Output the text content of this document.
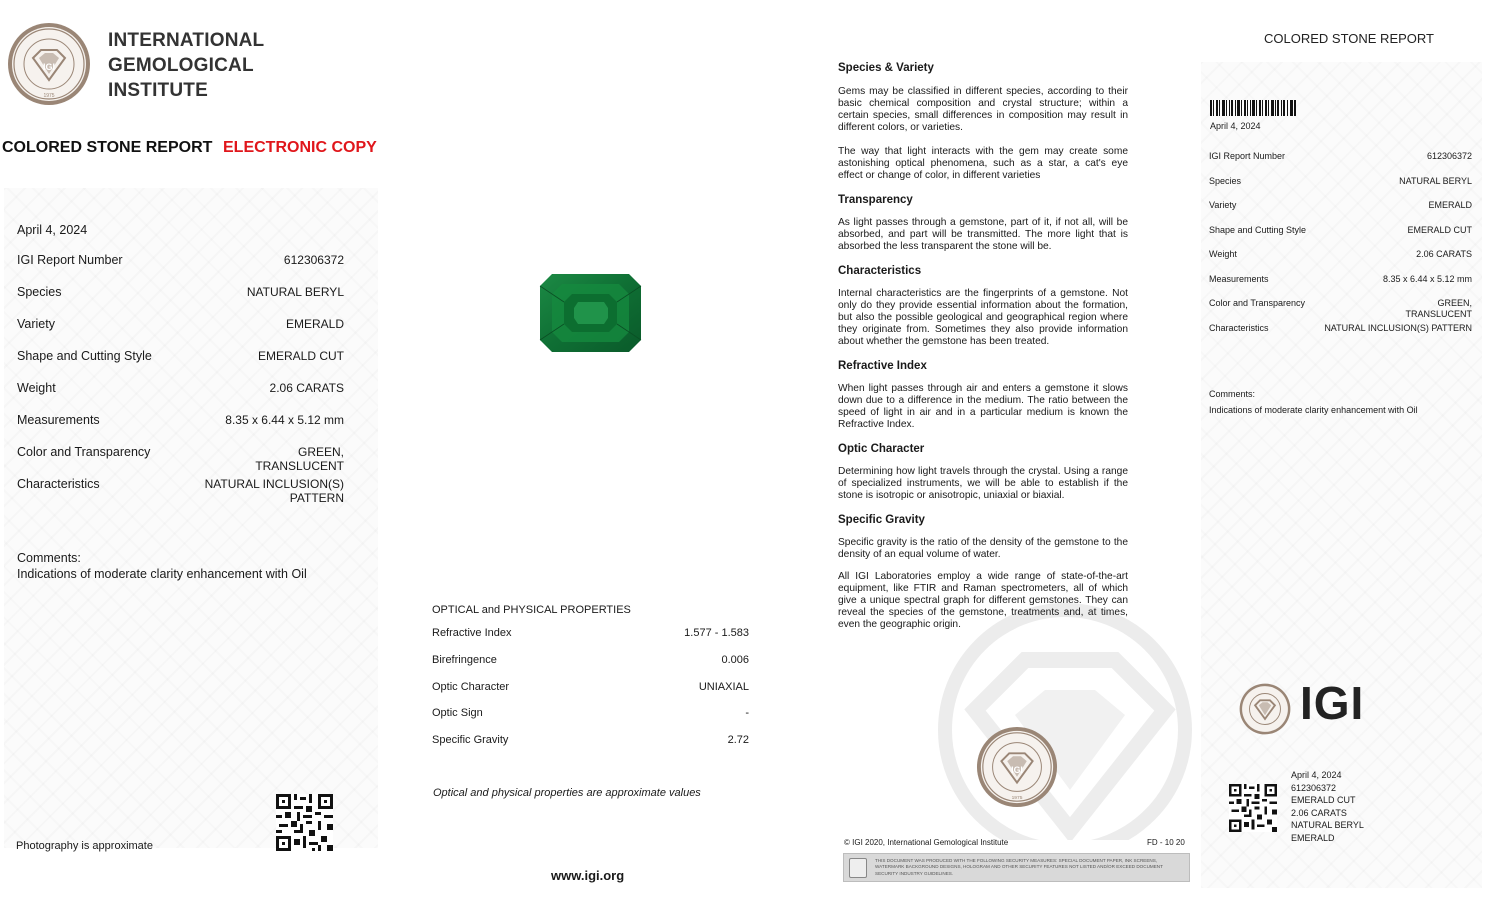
IGI
1975
INTERNATIONAL
GEMOLOGICAL
INSTITUTE
COLORED STONE REPORT ELECTRONIC COPY
April 4, 2024
IGI Report Number	612306372
Species	NATURAL BERYL
Variety	EMERALD
Shape and Cutting Style	EMERALD CUT
Weight	2.06 CARATS
Measurements	8.35 x 6.44 x 5.12 mm
Color and Transparency	GREEN,
TRANSLUCENT
Characteristics	NATURAL INCLUSION(S)
PATTERN
Comments:
Indications of moderate clarity enhancement with Oil
Photography is approximate
OPTICAL and PHYSICAL PROPERTIES
Refractive Index	1.577 - 1.583
Birefringence	0.006
Optic Character	UNIAXIAL
Optic Sign	-
Specific Gravity	2.72
Optical and physical properties are approximate values
www.igi.org
Species & Variety
Gems may be classified in different species, according to their basic chemical composition and crystal structure; within a certain species, small differences in composition may result in different colors, or varieties.
The way that light interacts with the gem may create some astonishing optical phenomena, such as a star, a cat's eye effect or change of color, in different varieties
Transparency
As light passes through a gemstone, part of it, if not all, will be absorbed, and part will be transmitted. The more light that is absorbed the less transparent the stone will be.
Characteristics
Internal characteristics are the fingerprints of a gemstone. Not only do they provide essential information about the formation, but also the possible geological and geographical region where they originate from. Sometimes they also provide information about whether the gemstone has been treated.
Refractive Index
When light passes through air and enters a gemstone it slows down due to a difference in the medium. The ratio between the speed of light in air and in a particular medium is known the Refractive Index.
Optic Character
Determining how light travels through the crystal. Using a range of specialized instruments, we will be able to establish if the stone is isotropic or anisotropic, uniaxial or biaxial.
Specific Gravity
Specific gravity is the ratio of the density of the gemstone to the density of an equal volume of water.
All IGI Laboratories employ a wide range of state-of-the-art equipment, like FTIR and Raman spectrometers, all of which give a unique spectral graph for different gemstones. They can reveal the species of the gemstone, treatments and, at times, even the geographic origin.
IGI
1975
© IGI 2020, International Gemological Institute	FD - 10 20
THIS DOCUMENT WAS PRODUCED WITH THE FOLLOWING SECURITY MEASURES: SPECIAL DOCUMENT PAPER, INK SCREENS, WATERMARK BACKGROUND DESIGNS, HOLOGRAM AND OTHER SECURITY FEATURES NOT LISTED AND/OR EXCEED DOCUMENT SECURITY INDUSTRY GUIDELINES.
COLORED STONE REPORT
April 4, 2024
IGI Report Number	612306372
Species	NATURAL BERYL
Variety	EMERALD
Shape and Cutting Style	EMERALD CUT
Weight	2.06 CARATS
Measurements	8.35 x 6.44 x 5.12 mm
Color and Transparency	GREEN,
TRANSLUCENT
Characteristics	NATURAL INCLUSION(S) PATTERN
Comments:
Indications of moderate clarity enhancement with Oil
IGI
April 4, 2024
612306372
EMERALD CUT
2.06 CARATS
NATURAL BERYL
EMERALD
